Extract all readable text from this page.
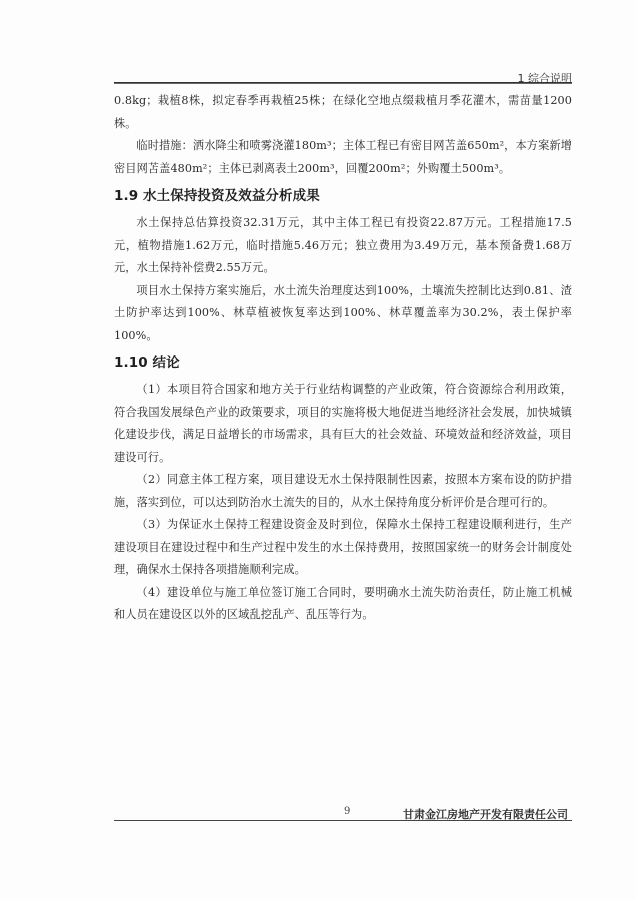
1 综合说明

0.8kg；栽植8株，拟定春季再栽植25株；在绿化空地点缀栽植月季花灌木，需苗量1200株。

临时措施：洒水降尘和喷雾浇灌180m³；主体工程已有密目网苫盖650m²，本方案新增密目网苫盖480m²；主体已剥离表土200m³，回覆200m²；外购覆土500m³。

1.9 水土保持投资及效益分析成果

水土保持总估算投资32.31万元，其中主体工程已有投资22.87万元。工程措施17.5元，植物措施1.62万元，临时措施5.46万元；独立费用为3.49万元，基本预备费1.68万元，水土保持补偿费2.55万元。

项目水土保持方案实施后，水土流失治理度达到100%，土壤流失控制比达到0.81、渣土防护率达到100%、林草植被恢复率达到100%、林草覆盖率为30.2%，表土保护率100%。

1.10 结论

（1）本项目符合国家和地方关于行业结构调整的产业政策，符合资源综合利用政策，符合我国发展绿色产业的政策要求，项目的实施将极大地促进当地经济社会发展，加快城镇化建设步伐，满足日益增长的市场需求，具有巨大的社会效益、环境效益和经济效益，项目建设可行。

（2）同意主体工程方案，项目建设无水土保持限制性因素，按照本方案布设的防护措施，落实到位，可以达到防治水土流失的目的，从水土保持角度分析评价是合理可行的。

（3）为保证水土保持工程建设资金及时到位，保障水土保持工程建设顺利进行，生产建设项目在建设过程中和生产过程中发生的水土保持费用，按照国家统一的财务会计制度处理，确保水土保持各项措施顺利完成。

（4）建设单位与施工单位签订施工合同时，要明确水土流失防治责任，防止施工机械和人员在建设区以外的区域乱挖乱产、乱压等行为。

9	甘肃金江房地产开发有限责任公司
